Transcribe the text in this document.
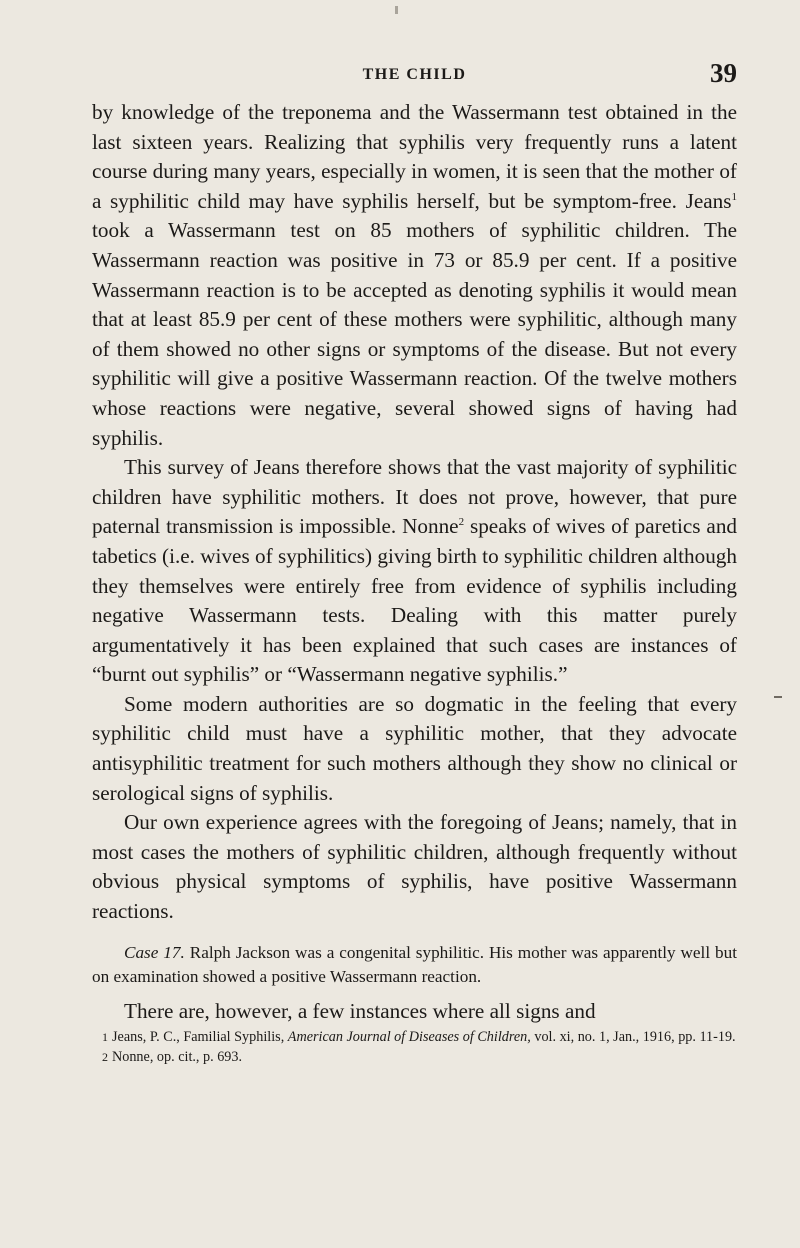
THE CHILD	39

by knowledge of the treponema and the Wassermann test obtained in the last sixteen years. Realizing that syphilis very frequently runs a latent course during many years, especially in women, it is seen that the mother of a syphilitic child may have syphilis herself, but be symptom-free. Jeans$^1$ took a Wassermann test on 85 mothers of syphilitic children. The Wassermann reaction was positive in 73 or 85.9 per cent. If a positive Wassermann reaction is to be accepted as denoting syphilis it would mean that at least 85.9 per cent of these mothers were syphilitic, although many of them showed no other signs or symptoms of the disease. But not every syphilitic will give a positive Wassermann reaction. Of the twelve mothers whose reactions were negative, several showed signs of having had syphilis.

This survey of Jeans therefore shows that the vast majority of syphilitic children have syphilitic mothers. It does not prove, however, that pure paternal transmission is impossible. Nonne$^2$ speaks of wives of paretics and tabetics (i.e. wives of syphilitics) giving birth to syphilitic children although they themselves were entirely free from evidence of syphilis including negative Wassermann tests. Dealing with this matter purely argumentatively it has been explained that such cases are instances of “burnt out syphilis” or “Wassermann negative syphilis.”

Some modern authorities are so dogmatic in the feeling that every syphilitic child must have a syphilitic mother, that they advocate antisyphilitic treatment for such mothers although they show no clinical or serological signs of syphilis.

Our own experience agrees with the foregoing of Jeans; namely, that in most cases the mothers of syphilitic children, although frequently without obvious physical symptoms of syphilis, have positive Wassermann reactions.

Case 17. Ralph Jackson was a congenital syphilitic. His mother was apparently well but on examination showed a positive Wassermann reaction.

There are, however, a few instances where all signs and

1 Jeans, P. C., Familial Syphilis, American Journal of Diseases of Children, vol. xi, no. 1, Jan., 1916, pp. 11-19.

2 Nonne, op. cit., p. 693.
